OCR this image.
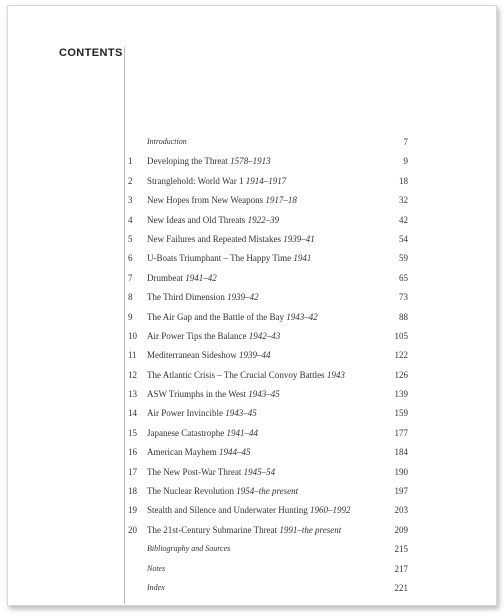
CONTENTS
Introduction	7
1	Developing the Threat 1578–1913	9
2	Stranglehold: World War 1 1914–1917	18
3	New Hopes from New Weapons 1917–18	32
4	New Ideas and Old Threats 1922–39	42
5	New Failures and Repeated Mistakes 1939–41	54
6	U-Boats Triumphant – The Happy Time 1941	59
7	Drumbeat 1941–42	65
8	The Third Dimension 1939–42	73
9	The Air Gap and the Battle of the Bay 1943–42	88
10	Air Power Tips the Balance 1942–43	105
11	Mediterranean Sideshow 1939–44	122
12	The Atlantic Crisis – The Crucial Convoy Battles 1943	126
13	ASW Triumphs in the West 1943–45	139
14	Air Power Invincible 1943–45	159
15	Japanese Catastrophe 1941–44	177
16	American Mayhem 1944–45	184
17	The New Post-War Threat 1945–54	190
18	The Nuclear Revolution 1954–the present	197
19	Stealth and Silence and Underwater Hunting 1960–1992	203
20	The 21st-Century Submarine Threat 1991–the present	209
Bibliography and Sources	215
Notes	217
Index	221
